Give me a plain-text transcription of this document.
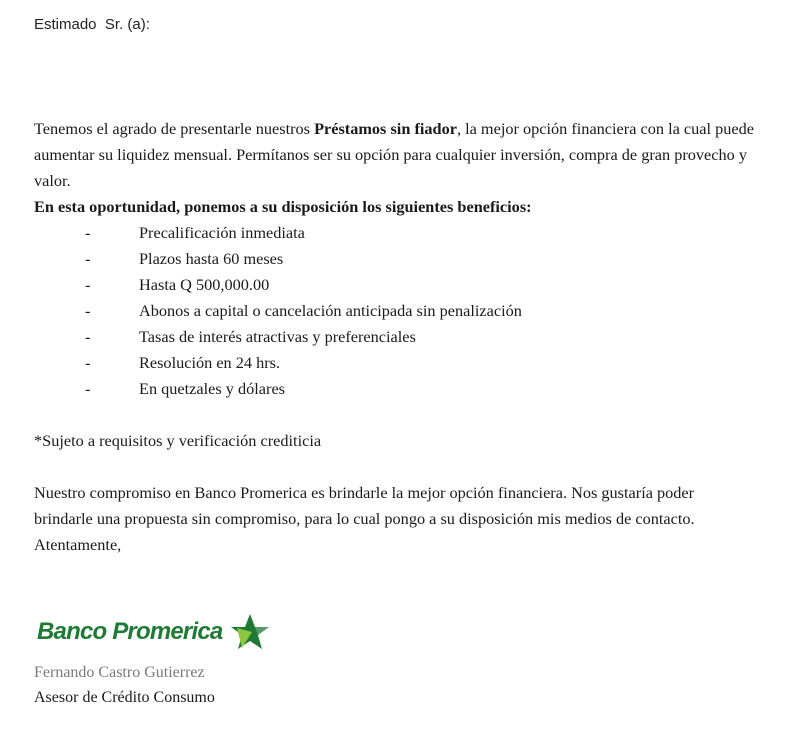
Estimado  Sr. (a):

Tenemos el agrado de presentarle nuestros Préstamos sin fiador, la mejor opción financiera con la cual puede aumentar su liquidez mensual. Permítanos ser su opción para cualquier inversión, compra de gran provecho y valor.

En esta oportunidad, ponemos a su disposición los siguientes beneficios:

-	Precalificación inmediata
-	Plazos hasta 60 meses
-	Hasta Q 500,000.00
-	Abonos a capital o cancelación anticipada sin penalización
-	Tasas de interés atractivas y preferenciales
-	Resolución en 24 hrs.
-	En quetzales y dólares

*Sujeto a requisitos y verificación crediticia

Nuestro compromiso en Banco Promerica es brindarle la mejor opción financiera. Nos gustaría poder brindarle una propuesta sin compromiso, para lo cual pongo a su disposición mis medios de contacto.

Atentamente,

Banco Promerica
Fernando Castro Gutierrez
Asesor de Crédito Consumo
